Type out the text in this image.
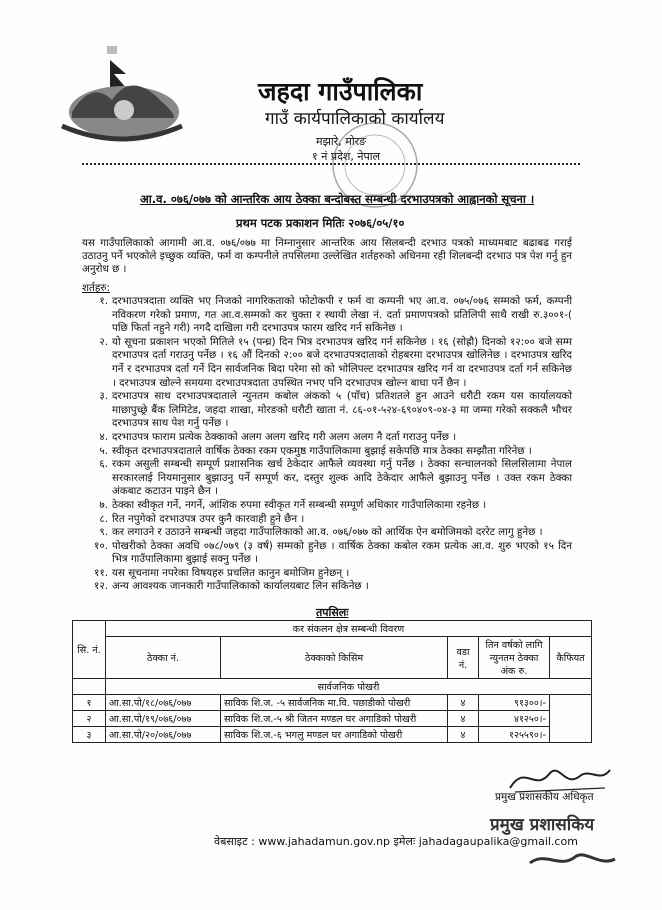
जहदा गाउँपालिका
गाउँ कार्यपालिकाको कार्यालय
मझारे, मोरङ
१ नं प्रदेश, नेपाल
आ.व. ०७६/०७७ को आन्तरिक आय ठेक्का बन्दोबस्त सम्बन्धी दरभाउपत्रको आह्वानको सूचना ।
प्रथम पटक प्रकाशन मितिः २०७६/०५/१०
यस गाउँपालिकाको आगामी आ.व. ०७६/०७७ मा निम्नानुसार आन्तरिक आय सिलबन्दी दरभाउ पत्रको माध्यमबाट बढाबढ गराई उठाउनु पर्ने भएकोले इच्छुक व्यक्ति, फर्म वा कम्पनीले तपसिलमा उल्लेखित शर्तहरुको अधिनमा रही शिलबन्दी दरभाउ पत्र पेश गर्नु हुन अनुरोध छ ।
शर्तहरु:
१. दरभाउपत्रदाता व्यक्ति भए निजको नागरिकताको फोटोकपी र फर्म वा कम्पनी भए आ.व. ०७५/०७६ सम्मको फर्म, कम्पनी नविकरण गरेको प्रमाण, गत आ.व.सम्मको कर चुक्ता र स्थायी लेखा नं. दर्ता प्रमाणपत्रको प्रतिलिपी साथै राखी रु.३००१-( पछि फिर्ता नहुने गरी) नगदै दाखिला गरी दरभाउपत्र फारम खरिद गर्न सकिनेछ ।
२. यो सूचना प्रकाशन भएको मितिले १५ (पन्ध्र) दिन भित्र दरभाउपत्र खरिद गर्न सकिनेछ । १६ (सोह्रौ) दिनको १२:०० बजे सम्म दरभाउपत्र दर्ता गराउनु पर्नेछ । १६ औं दिनको २:०० बजे दरभाउपत्रदाताको रोहबरमा दरभाउपत्र खोलिनेछ । दरभाउपत्र खरिद गर्ने र दरभाउपत्र दर्ता गर्ने दिन सार्वजनिक बिदा परेमा सो को भोलिपल्ट दरभाउपत्र खरिद गर्न वा दरभाउपत्र दर्ता गर्न सकिनेछ । दरभाउपत्र खोल्ने समयमा दरभाउपत्रदाता उपस्थित नभए पनि दरभाउपत्र खोल्न बाधा पर्ने छैन ।
३. दरभाउपत्र साथ दरभाउपत्रदाताले न्युनतम कबोल अंकको ५ (पाँच) प्रतिशतले हुन आउने धरौटी रकम यस कार्यालयको माछापुच्छ्रे बैंक लिमिटेड, जहदा शाखा, मोरङको धरौटी खाता नं. ८६-०१-५२४-६९०४०९-०४-३ मा जम्मा गरेको सक्कलै भौचर दरभाउपत्र साथ पेश गर्नु पर्नेछ ।
४. दरभाउपत्र फाराम प्रत्येक ठेक्काको अलग अलग खरिद गरी अलग अलग नै दर्ता गराउनु पर्नेछ ।
५. स्वीकृत दरभाउपत्रदाताले वार्षिक ठेक्का रकम एकमुष्ठ गाउँपालिकामा बुझाई सकेपछि मात्र ठेक्का सम्झौता गरिनेछ ।
६. रकम असुली सम्बन्धी सम्पूर्ण प्रशासनिक खर्च ठेकेदार आफैले व्यवस्था गर्नु पर्नेछ । ठेक्का सन्चालनको सिलसिलामा नेपाल सरकारलाई नियमानुसार बुझाउनु पर्ने सम्पूर्ण कर, दस्तुर शुल्क आदि ठेकेदार आफैले बुझाउनु पर्नेछ । उक्त रकम ठेक्का अंकबाट कटाउन पाइने छैन ।
७. ठेक्का स्वीकृत गर्ने, नगर्ने, आंशिक रुपमा स्वीकृत गर्ने सम्बन्धी सम्पूर्ण अधिकार गाउँपालिकामा रहनेछ ।
८. रित नपुगेको दरभाउपत्र उपर कुनै कारवाही हुने छैन ।
९. कर लगाउने र उठाउने सम्बन्धी जहदा गाउँपालिकाको आ.व. ०७६/०७७ को आर्थिक ऐन बमोजिमको दररेट लागु हुनेछ ।
१०. पोखरीको ठेक्का अवधि ०७८/०७९ (३ वर्ष) सम्मको हुनेछ । वार्षिक ठेक्का कबोल रकम प्रत्येक आ.व. शुरु भएको १५ दिन भित्र गाउँपालिकामा बुझाई सक्नु पर्नेछ ।
११. यस सूचनामा नपरेका विषयहरु प्रचलित कानुन बमोजिम हुनेछन् ।
१२. अन्य आवश्यक जानकारी गाउँपालिकाको कार्यालयबाट लिन सकिनेछ ।
तपसिलः
सि. नं.	कर संकलन क्षेत्र सम्बन्धी विवरण				
	ठेक्का नं.	ठेक्काको किसिम	वडा नं.	तिन वर्षको लागि न्युनतम ठेक्का अंक रु.	कैफियत
	सार्वजनिक पोखरी				
१	आ.सा.पो/१८/०७६/०७७	साविक शि.ज. -५ सार्वजनिक मा.वि. पछाडीको पोखरी	४	९१३००।-	
२	आ.सा.पो/१९/०७६/०७७	साविक शि.ज.-५ श्री जितन मण्डल घर अगाडिको पोखरी	४	४१२५०।-	
३	आ.सा.पो/२०/०७६/०७७	साविक शि.ज.-६ भगलु मण्डल घर अगाडिको पोखरी	४	१२५५९०।-	
प्रमुख प्रशासकीय अधिकृत
प्रमुख प्रशासकिय
वेबसाइट : www.jahadamun.gov.np इमेलः jahadagaupalika@gmail.com
